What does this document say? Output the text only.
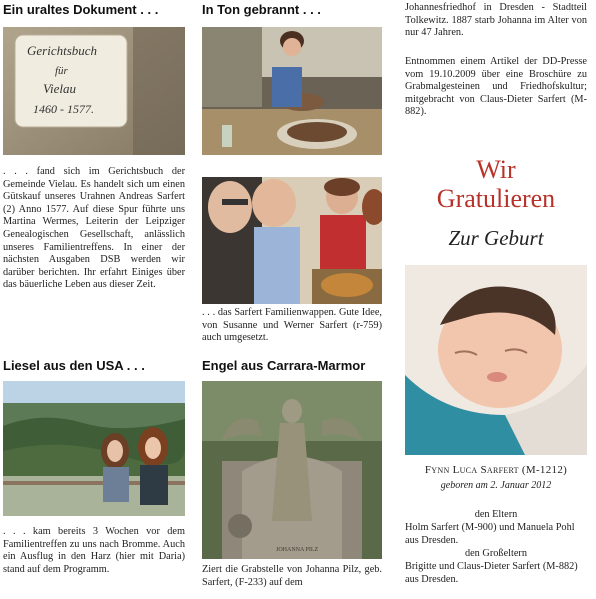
Ein uraltes Dokument . . .

Gerichtsbuch
für
Vielau
1460 - 1577.

. . . fand sich im Gerichtsbuch der Gemeinde Vielau. Es handelt sich um einen Gütskauf unseres Urahnen Andreas Sarfert (2) Anno 1577. Auf diese Spur führte uns Martina Wermes, Leiterin der Leipziger Genealogischen Gesellschaft, anlässlich unseres Familientreffens. In einer der nächsten Ausgaben DSB werden wir darüber berichten. Ihr erfahrt Einiges über das bäuerliche Leben aus dieser Zeit.

Liesel aus den USA . . .

. . . kam bereits 3 Wochen vor dem Familientreffen zu uns nach Bromme. Auch ein Ausflug in den Harz (hier mit Daria) stand auf dem Programm.

In Ton gebrannt . . .

. . . das Sarfert Familienwappen. Gute Idee, von Susanne und Werner Sarfert (r-759) auch umgesetzt.

Engel aus Carrara-Marmor

JOHANNA PILZ

Ziert die Grabstelle von Johanna Pilz, geb. Sarfert, (F-233) auf dem

Johannesfriedhof in Dresden - Stadtteil Tolkewitz. 1887 starb Johanna im Alter von nur 47 Jahren.

Entnommen einem Artikel der DD-Presse vom 19.10.2009 über eine Broschüre zu Grabmalgesteinen und Friedhofskultur; mitgebracht von Claus-Dieter Sarfert (M-882).

Wir
Gratulieren
Zur Geburt
Fynn Luca Sarfert (M-1212)
geboren am 2. Januar 2012
den Eltern

Holm Sarfert (M-900) und Manuela Pohl aus Dresden.

den Großeltern

Brigitte und Claus-Dieter Sarfert (M-882) aus Dresden.
